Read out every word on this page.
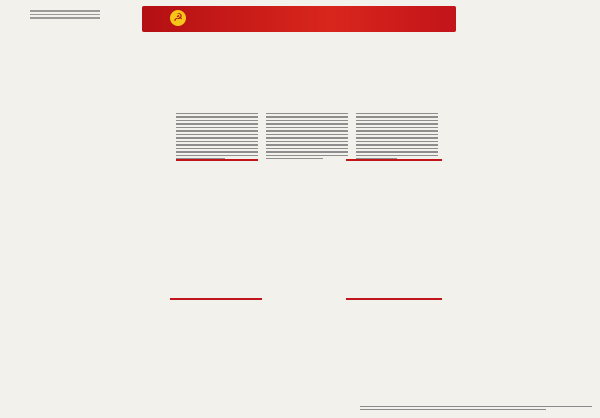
☭
